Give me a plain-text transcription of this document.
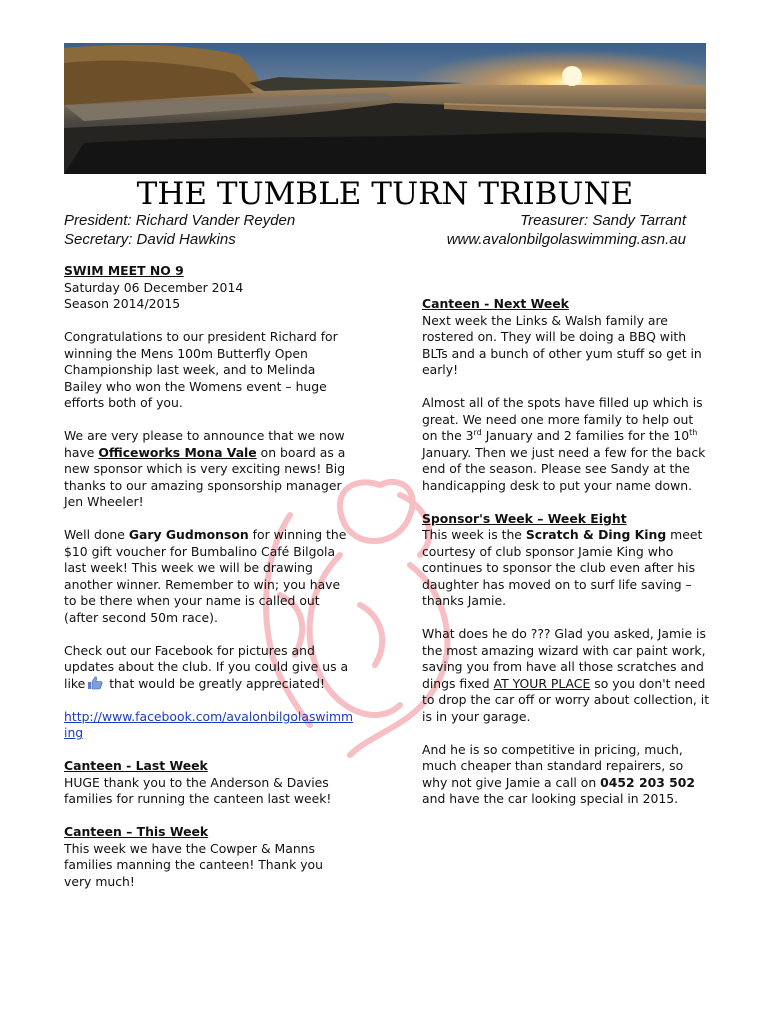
THE TUMBLE TURN TRIBUNE
President: Richard Vander Reyden
Secretary: David Hawkins
Treasurer: Sandy Tarrant
www.avalonbilgolaswimming.asn.au

SWIM MEET NO 9
Saturday 06 December 2014
Season 2014/2015

Congratulations to our president Richard for winning the Mens 100m Butterfly Open Championship last week, and to Melinda Bailey who won the Womens event – huge efforts both of you.

We are very please to announce that we now have Officeworks Mona Vale on board as a new sponsor which is very exciting news! Big thanks to our amazing sponsorship manager Jen Wheeler!

Well done Gary Gudmonson for winning the $10 gift voucher for Bumbalino Café Bilgola last week! This week we will be drawing another winner. Remember to win; you have to be there when your name is called out (after second 50m race).

Check out our Facebook for pictures and updates about the club. If you could give us a like that would be greatly appreciated!

http://www.facebook.com/avalonbilgolaswimming

Canteen - Last Week
HUGE thank you to the Anderson & Davies families for running the canteen last week!

Canteen – This Week
This week we have the Cowper & Manns families manning the canteen! Thank you very much!

Canteen - Next Week
Next week the Links & Walsh family are rostered on. They will be doing a BBQ with BLTs and a bunch of other yum stuff so get in early!

Almost all of the spots have filled up which is great. We need one more family to help out on the 3rd January and 2 families for the 10th January. Then we just need a few for the back end of the season. Please see Sandy at the handicapping desk to put your name down.

Sponsor's Week – Week Eight
This week is the Scratch & Ding King meet courtesy of club sponsor Jamie King who continues to sponsor the club even after his daughter has moved on to surf life saving – thanks Jamie.

What does he do ??? Glad you asked, Jamie is the most amazing wizard with car paint work, saving you from have all those scratches and dings fixed AT YOUR PLACE so you don't need to drop the car off or worry about collection, it is in your garage.

And he is so competitive in pricing, much, much cheaper than standard repairers, so why not give Jamie a call on 0452 203 502 and have the car looking special in 2015.
